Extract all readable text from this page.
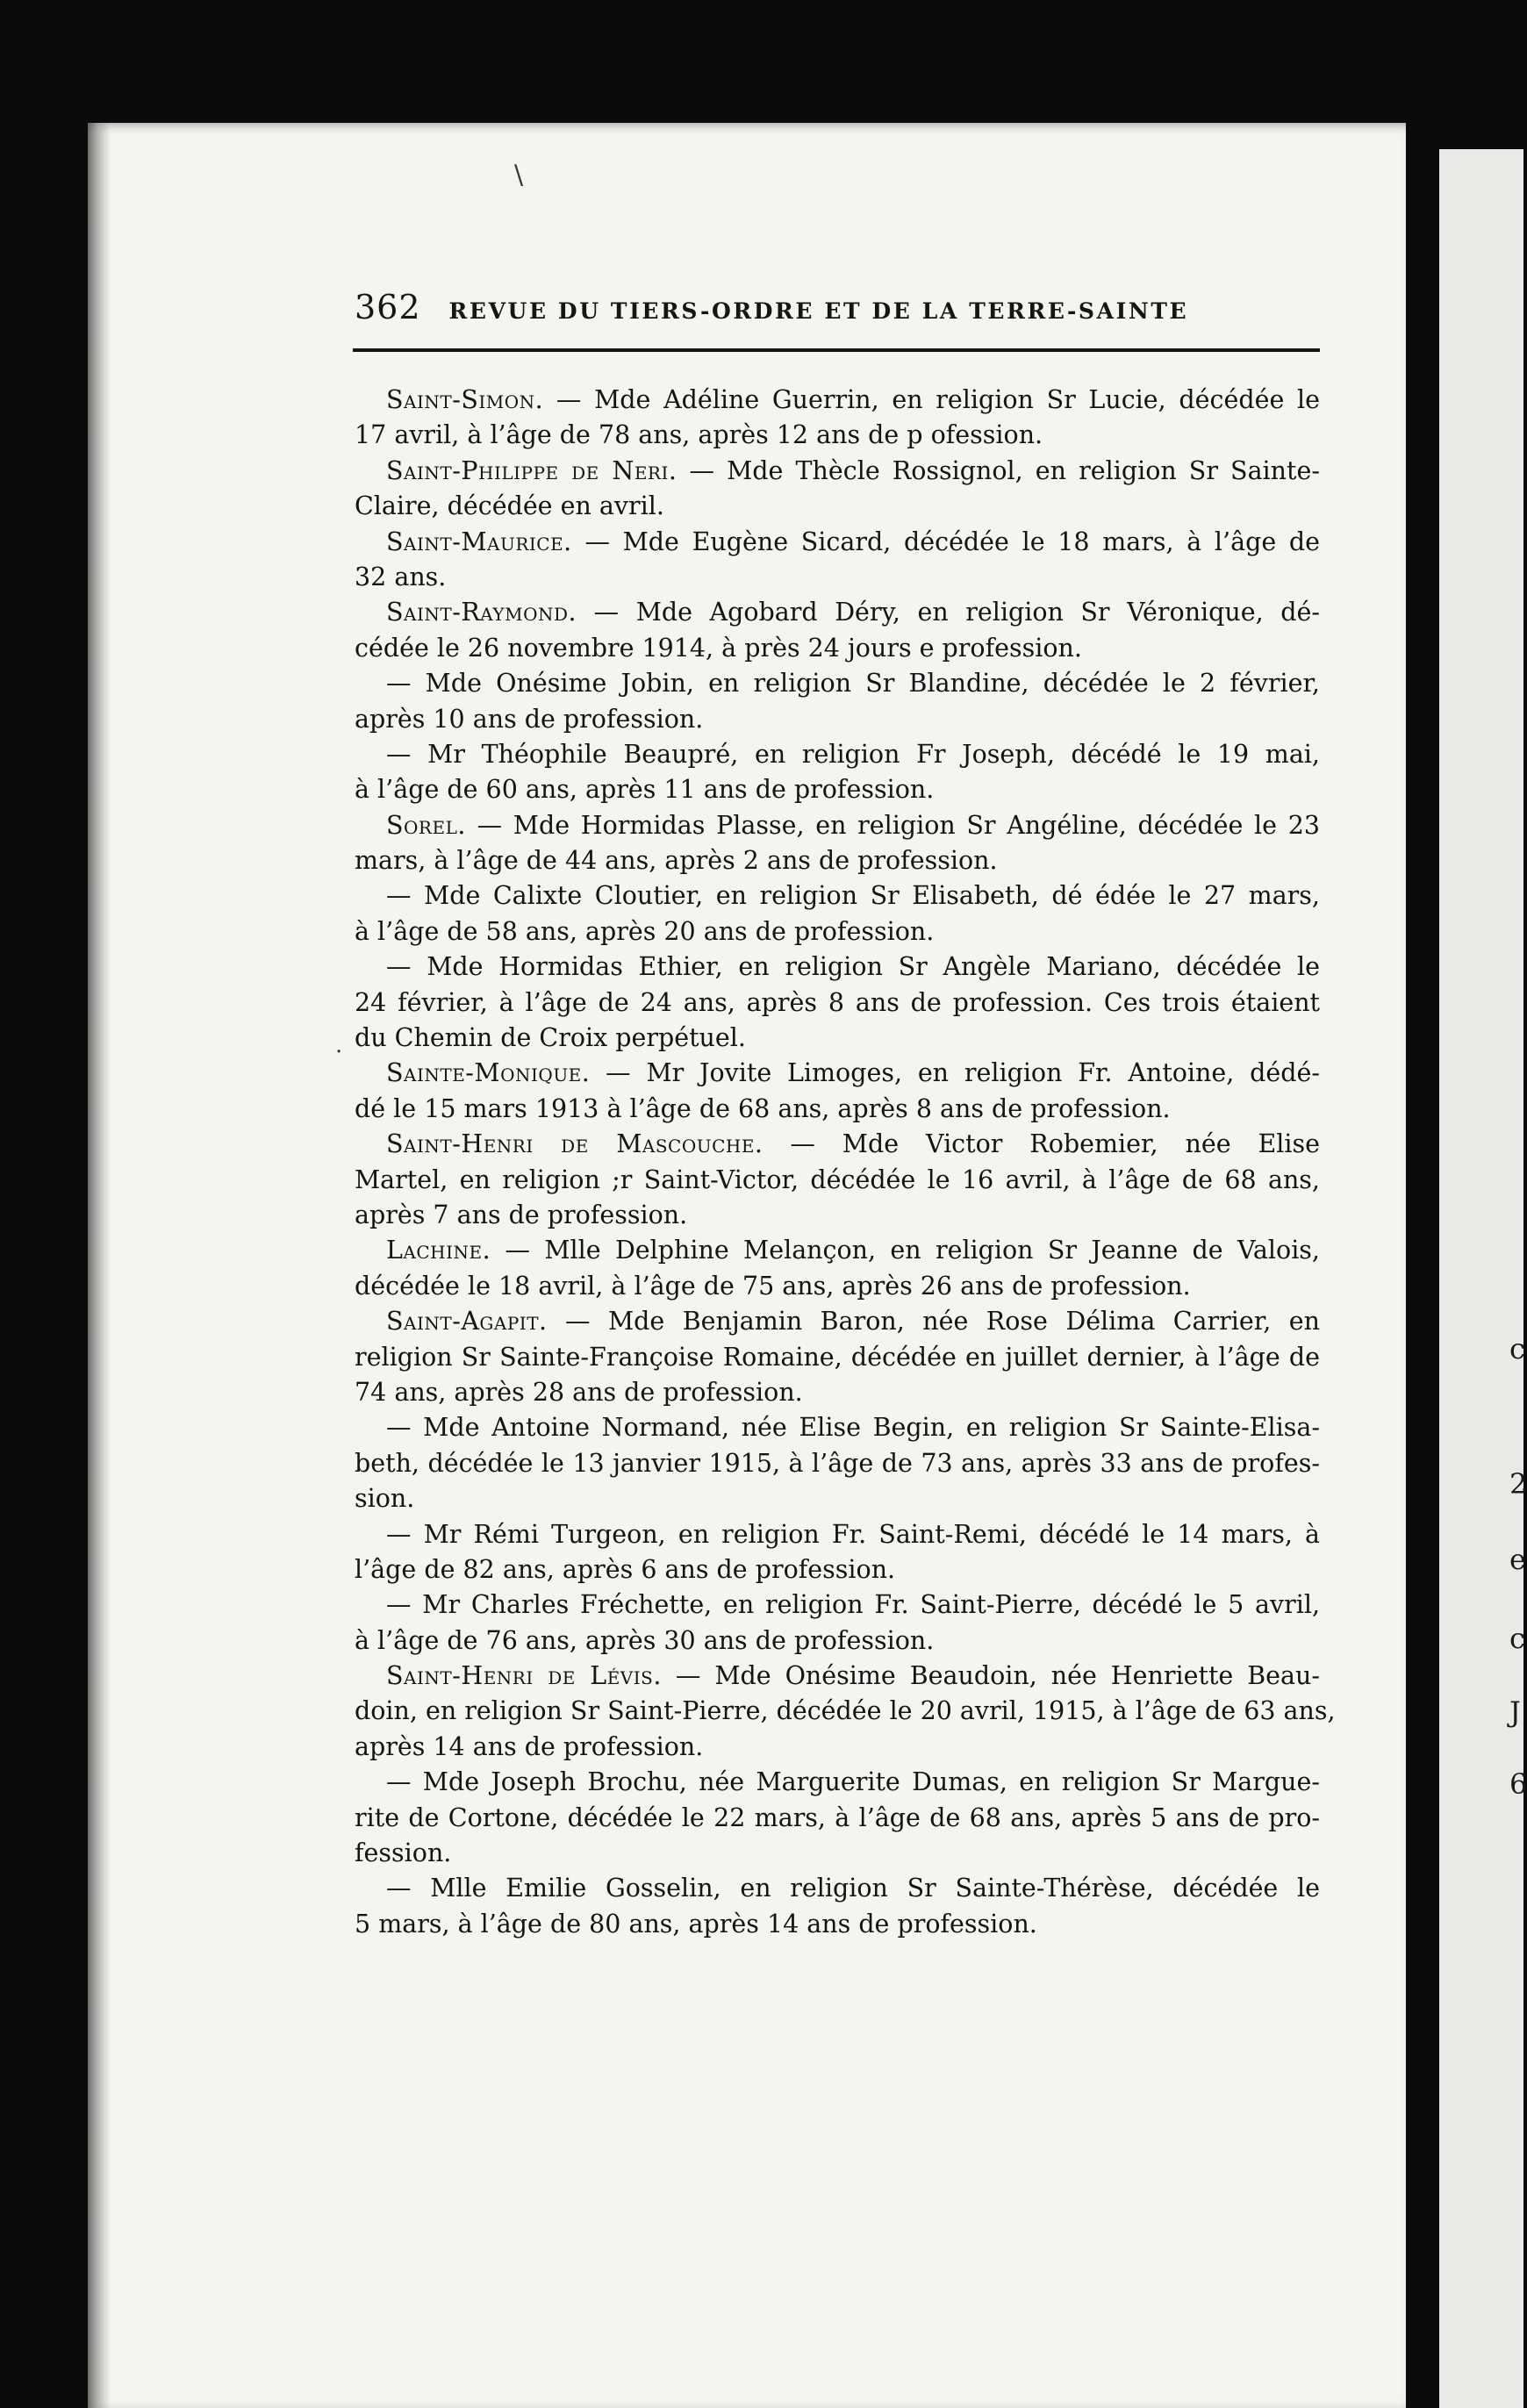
c
2
e
c
J
6
\
·
362 REVUE DU TIERS-ORDRE ET DE LA TERRE-SAINTE
Saint-Simon. — Mde Adéline Guerrin, en religion Sr Lucie, décédée le
17 avril, à l’âge de 78 ans, après 12 ans de p ofession.
Saint-Philippe de Neri. — Mde Thècle Rossignol, en religion Sr Sainte-
Claire, décédée en avril.
Saint-Maurice. — Mde Eugène Sicard, décédée le 18 mars, à l’âge de
32 ans.
Saint-Raymond. — Mde Agobard Déry, en religion Sr Véronique, dé-
cédée le 26 novembre 1914, à près 24 jours e profession.
— Mde Onésime Jobin, en religion Sr Blandine, décédée le 2 février,
après 10 ans de profession.
— Mr Théophile Beaupré, en religion Fr Joseph, décédé le 19 mai,
à l’âge de 60 ans, après 11 ans de profession.
Sorel. — Mde Hormidas Plasse, en religion Sr Angéline, décédée le 23
mars, à l’âge de 44 ans, après 2 ans de profession.
— Mde Calixte Cloutier, en religion Sr Elisabeth, dé édée le 27 mars,
à l’âge de 58 ans, après 20 ans de profession.
— Mde Hormidas Ethier, en religion Sr Angèle Mariano, décédée le
24 février, à l’âge de 24 ans, après 8 ans de profession. Ces trois étaient
du Chemin de Croix perpétuel.
Sainte-Monique. — Mr Jovite Limoges, en religion Fr. Antoine, dédé-
dé le 15 mars 1913 à l’âge de 68 ans, après 8 ans de profession.
Saint-Henri de Mascouche. — Mde Victor Robemier, née Elise
Martel, en religion ;r Saint-Victor, décédée le 16 avril, à l’âge de 68 ans,
après 7 ans de profession.
Lachine. — Mlle Delphine Melançon, en religion Sr Jeanne de Valois,
décédée le 18 avril, à l’âge de 75 ans, après 26 ans de profession.
Saint-Agapit. — Mde Benjamin Baron, née Rose Délima Carrier, en
religion Sr Sainte-Françoise Romaine, décédée en juillet dernier, à l’âge de
74 ans, après 28 ans de profession.
— Mde Antoine Normand, née Elise Begin, en religion Sr Sainte-Elisa-
beth, décédée le 13 janvier 1915, à l’âge de 73 ans, après 33 ans de profes-
sion.
— Mr Rémi Turgeon, en religion Fr. Saint-Remi, décédé le 14 mars, à
l’âge de 82 ans, après 6 ans de profession.
— Mr Charles Fréchette, en religion Fr. Saint-Pierre, décédé le 5 avril,
à l’âge de 76 ans, après 30 ans de profession.
Saint-Henri de Lévis. — Mde Onésime Beaudoin, née Henriette Beau-
doin, en religion Sr Saint-Pierre, décédée le 20 avril, 1915, à l’âge de 63 ans,
après 14 ans de profession.
— Mde Joseph Brochu, née Marguerite Dumas, en religion Sr Margue-
rite de Cortone, décédée le 22 mars, à l’âge de 68 ans, après 5 ans de pro-
fession.
— Mlle Emilie Gosselin, en religion Sr Sainte-Thérèse, décédée le
5 mars, à l’âge de 80 ans, après 14 ans de profession.
